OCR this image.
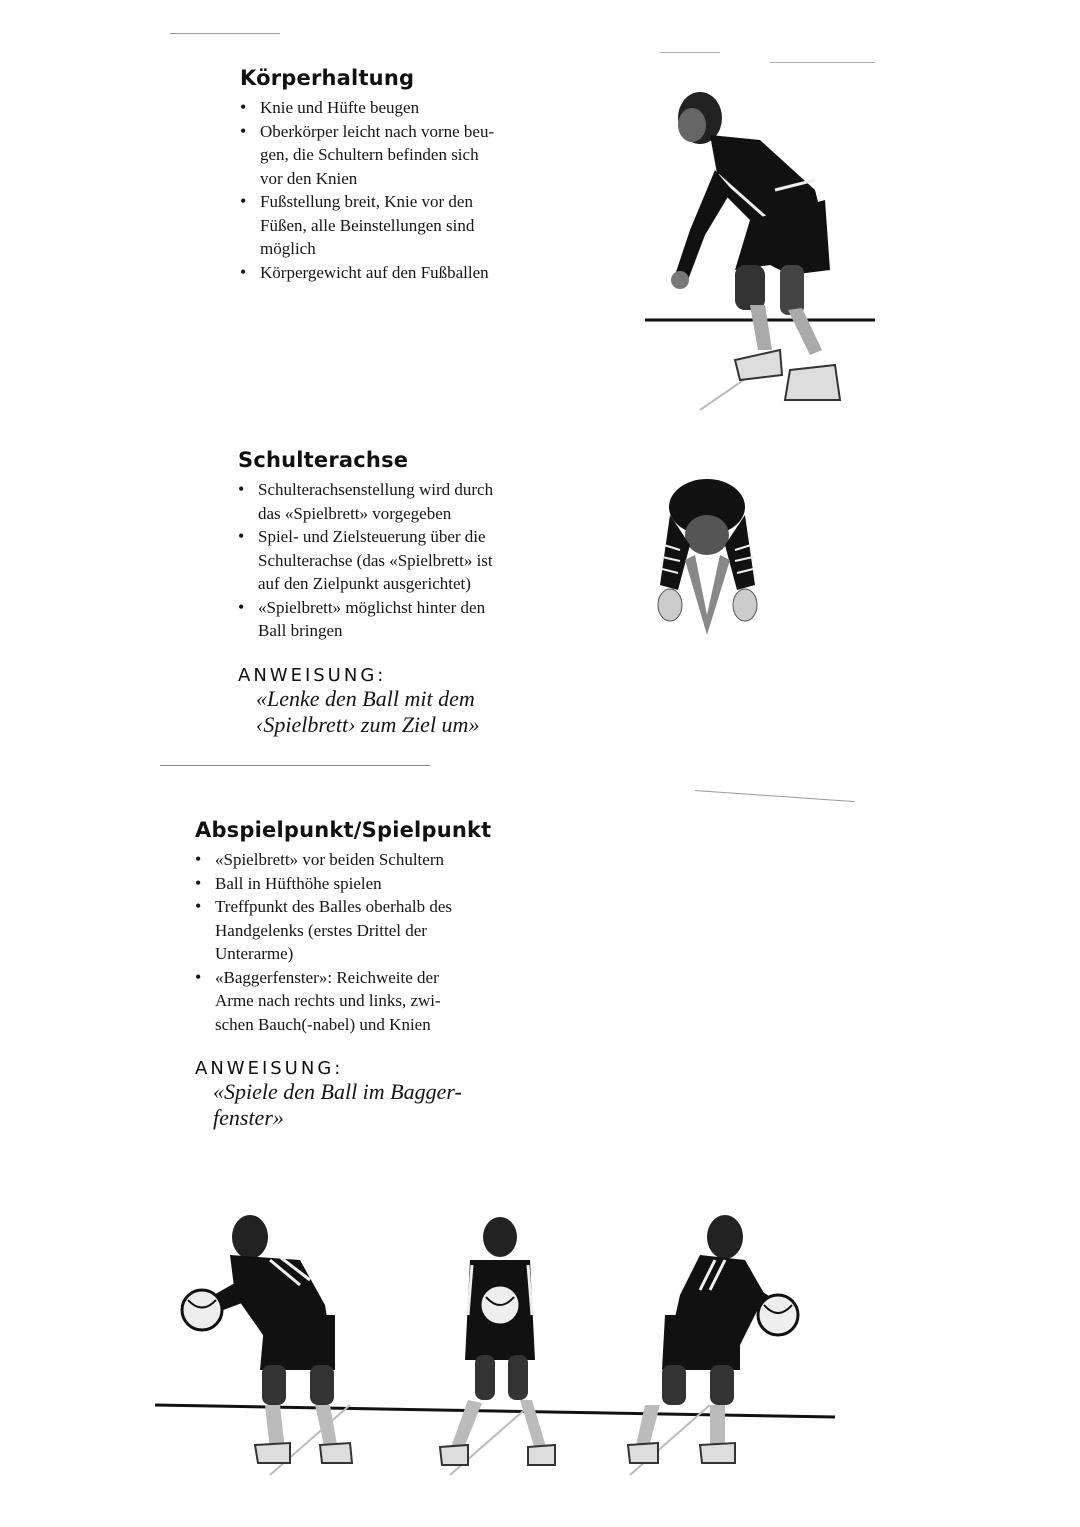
Körperhaltung
• Knie und Hüfte beugen
• Oberkörper leicht nach vorne beu-
gen, die Schultern befinden sich
vor den Knien
• Fußstellung breit, Knie vor den
Füßen, alle Beinstellungen sind
möglich
• Körpergewicht auf den Fußballen
Schulterachse
• Schulterachsenstellung wird durch
das «Spielbrett» vorgegeben
• Spiel- und Zielsteuerung über die
Schulterachse (das «Spielbrett» ist
auf den Zielpunkt ausgerichtet)
• «Spielbrett» möglichst hinter den
Ball bringen
ANWEISUNG:
«Lenke den Ball mit dem
‹Spielbrett› zum Ziel um»
Abspielpunkt/Spielpunkt
• «Spielbrett» vor beiden Schultern
• Ball in Hüfthöhe spielen
• Treffpunkt des Balles oberhalb des
Handgelenks (erstes Drittel der
Unterarme)
• «Baggerfenster»: Reichweite der
Arme nach rechts und links, zwi-
schen Bauch(-nabel) und Knien
ANWEISUNG:
«Spiele den Ball im Bagger-
fenster»
